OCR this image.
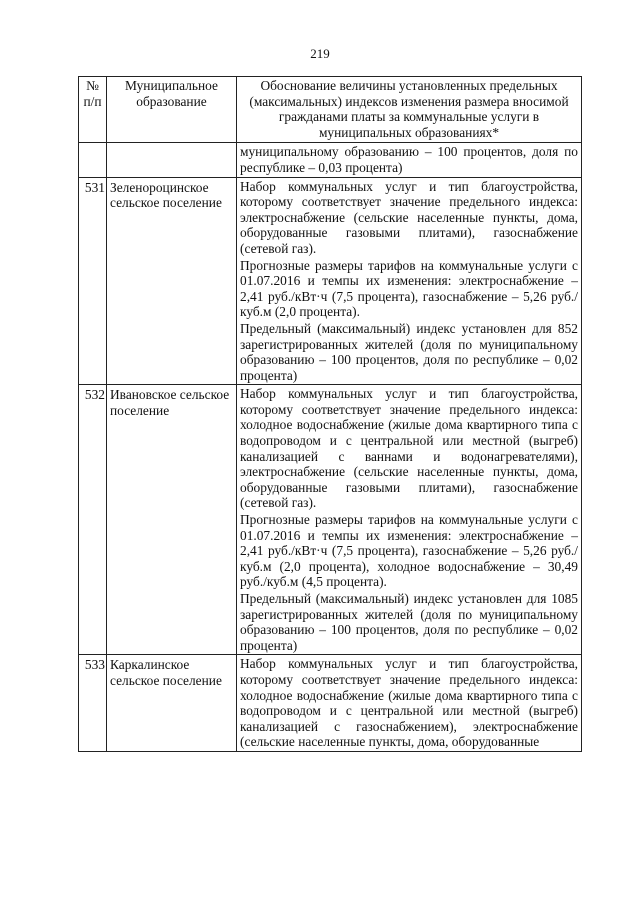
219
№ п/п	Муниципальное образование	Обоснование величины установленных предельных (максимальных) индексов изменения размера вносимой гражданами платы за коммунальные услуги в муниципальных образованиях*
		муниципальному образованию – 100 процентов, доля по республике – 0,03 процента)
531	Зеленороцинское сельское поселение	Набор коммунальных услуг и тип благоустройства, которому соответствует значение предельного индекса: электроснабжение (сельские населенные пункты, дома, оборудованные газовыми плитами), газоснабжение (сетевой газ).
Прогнозные размеры тарифов на коммунальные услуги с 01.07.2016 и темпы их изменения: электроснабжение – 2,41 руб./кВт·ч (7,5 процента), газоснабжение – 5,26 руб./куб.м (2,0 процента).
Предельный (максимальный) индекс установлен для 852 зарегистрированных жителей (доля по муниципальному образованию – 100 процентов, доля по республике – 0,02 процента)

532	Ивановское сельское поселение	Набор коммунальных услуг и тип благоустройства, которому соответствует значение предельного индекса: холодное водоснабжение (жилые дома квартирного типа с водопроводом и с центральной или местной (выгреб) канализацией с ваннами и водонагревателями), электроснабжение (сельские населенные пункты, дома, оборудованные газовыми плитами), газоснабжение (сетевой газ).
Прогнозные размеры тарифов на коммунальные услуги с 01.07.2016 и темпы их изменения: электроснабжение – 2,41 руб./кВт·ч (7,5 процента), газоснабжение – 5,26 руб./куб.м (2,0 процента), холодное водоснабжение – 30,49 руб./куб.м (4,5 процента).
Предельный (максимальный) индекс установлен для 1085 зарегистрированных жителей (доля по муниципальному образованию – 100 процентов, доля по республике – 0,02 процента)

533	Каркалинское сельское поселение	Набор коммунальных услуг и тип благоустройства, которому соответствует значение предельного индекса: холодное водоснабжение (жилые дома квартирного типа с водопроводом и с центральной или местной (выгреб) канализацией с газоснабжением), электроснабжение (сельские населенные пункты, дома, оборудованные
